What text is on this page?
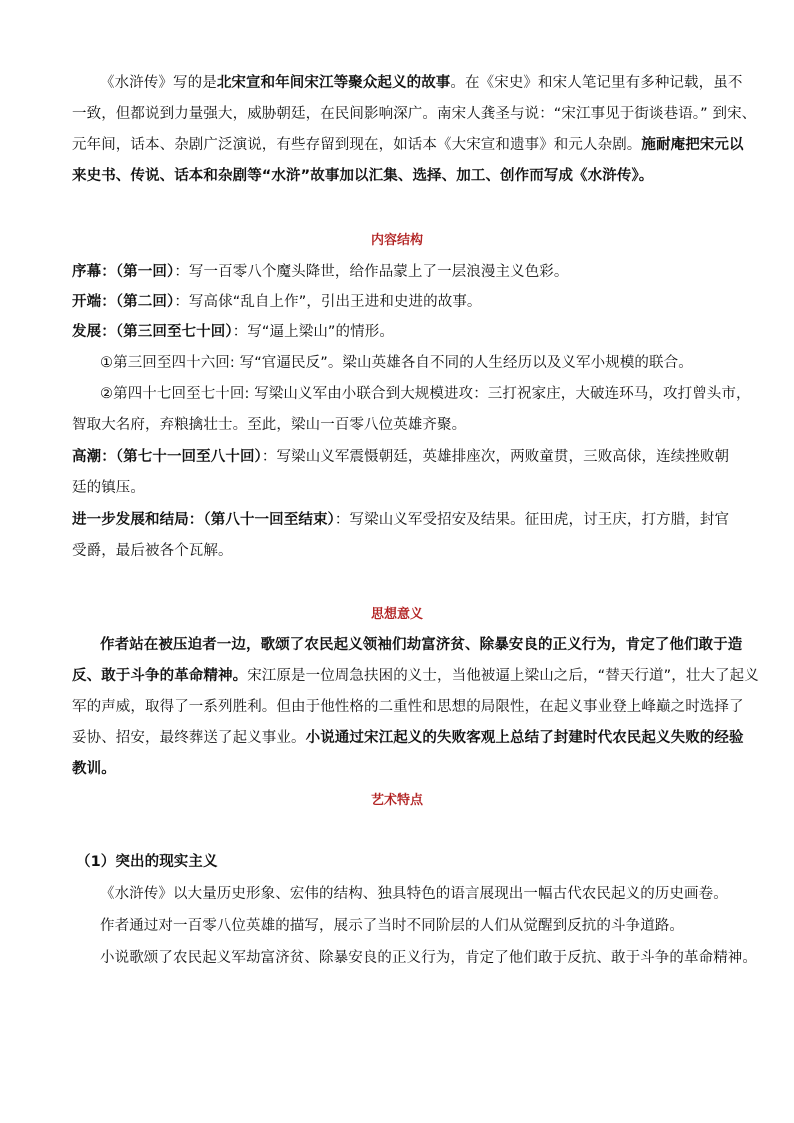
《水浒传》写的是北宋宣和年间宋江等聚众起义的故事。在《宋史》和宋人笔记里有多种记载，虽不
一致，但都说到力量强大，威胁朝廷，在民间影响深广。南宋人龚圣与说：“宋江事见于街谈巷语。” 到宋、
元年间，话本、杂剧广泛演说，有些存留到现在，如话本《大宋宣和遗事》和元人杂剧。施耐庵把宋元以
来史书、传说、话本和杂剧等“水浒”故事加以汇集、选择、加工、创作而写成《水浒传》。
内容结构
序幕：（第一回）：写一百零八个魔头降世，给作品蒙上了一层浪漫主义色彩。
开端：（第二回）：写高俅“乱自上作”，引出王进和史进的故事。
发展：（第三回至七十回）：写“逼上梁山”的情形。
①第三回至四十六回: 写“官逼民反”。梁山英雄各自不同的人生经历以及义军小规模的联合。
②第四十七回至七十回: 写梁山义军由小联合到大规模进攻：三打祝家庄，大破连环马，攻打曾头市，
智取大名府，弃粮擒壮士。至此，梁山一百零八位英雄齐聚。
高潮：（第七十一回至八十回）：写梁山义军震慑朝廷，英雄排座次，两败童贯，三败高俅，连续挫败朝
廷的镇压。
进一步发展和结局：（第八十一回至结束）：写梁山义军受招安及结果。征田虎，讨王庆，打方腊，封官
受爵，最后被各个瓦解。
思想意义
作者站在被压迫者一边，歌颂了农民起义领袖们劫富济贫、除暴安良的正义行为，肯定了他们敢于造
反、敢于斗争的革命精神。宋江原是一位周急扶困的义士，当他被逼上梁山之后，“替天行道”，壮大了起义
军的声威，取得了一系列胜利。但由于他性格的二重性和思想的局限性，在起义事业登上峰巅之时选择了
妥协、招安，最终葬送了起义事业。小说通过宋江起义的失败客观上总结了封建时代农民起义失败的经验
教训。
艺术特点
（1）突出的现实主义
《水浒传》以大量历史形象、宏伟的结构、独具特色的语言展现出一幅古代农民起义的历史画卷。
作者通过对一百零八位英雄的描写，展示了当时不同阶层的人们从觉醒到反抗的斗争道路。
小说歌颂了农民起义军劫富济贫、除暴安良的正义行为，肯定了他们敢于反抗、敢于斗争的革命精神。
